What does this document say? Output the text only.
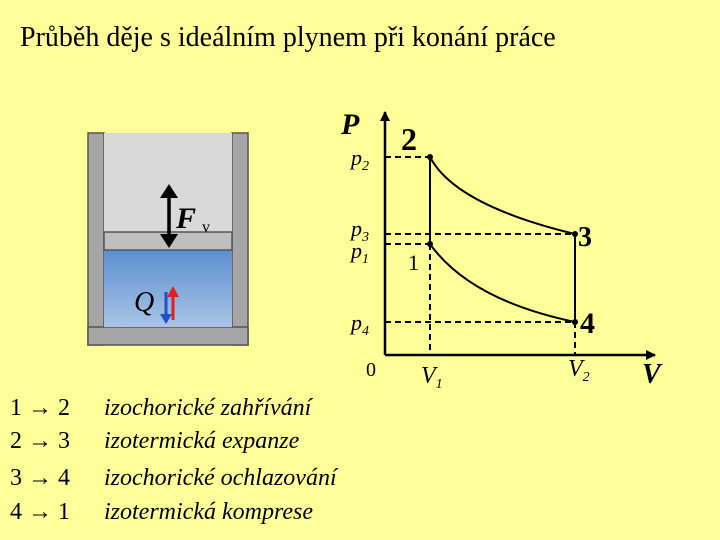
Průběh děje s ideálním plynem při konání práce
F v
Q
P
V
0
$p_2$
$p_3$
$p_1$
$p_4$
$V_1$
$V_2$
2
3
1
4
1 → 2 izochorické zahřívání
2 → 3 izotermická expanze
3 → 4 izochorické ochlazování
4 → 1 izotermická komprese
